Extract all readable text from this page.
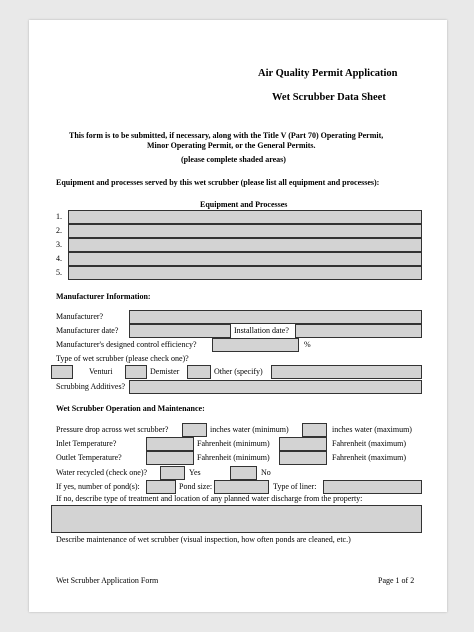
Air Quality Permit Application
Wet Scrubber Data Sheet
This form is to be submitted, if necessary, along with the Title V (Part 70) Operating Permit,
Minor Operating Permit, or the General Permits.
(please complete shaded areas)
Equipment and processes served by this wet scrubber (please list all equipment and processes):
Equipment and Processes
1.
2.
3.
4.
5.
Manufacturer Information:
Manufacturer?
Manufacturer date?	Installation date?
Manufacturer's designed control efficiency?	%
Type of wet scrubber (please check one)?
Venturi	Demister	Other (specify)
Scrubbing Additives?
Wet Scrubber Operation and Maintenance:
Pressure drop across wet scrubber?	inches water (minimum)	inches water (maximum)
Inlet Temperature?	Fahrenheit (minimum)	Fahrenheit (maximum)
Outlet Temperature?	Fahrenheit (minimum)	Fahrenheit (maximum)
Water recycled (check one)?	Yes	No
If yes, number of pond(s):	Pond size:	Type of liner:
If no, describe type of treatment and location of any planned water discharge from the property:
Describe maintenance of wet scrubber (visual inspection, how often ponds are cleaned, etc.)
Wet Scrubber Application Form	Page 1 of 2
